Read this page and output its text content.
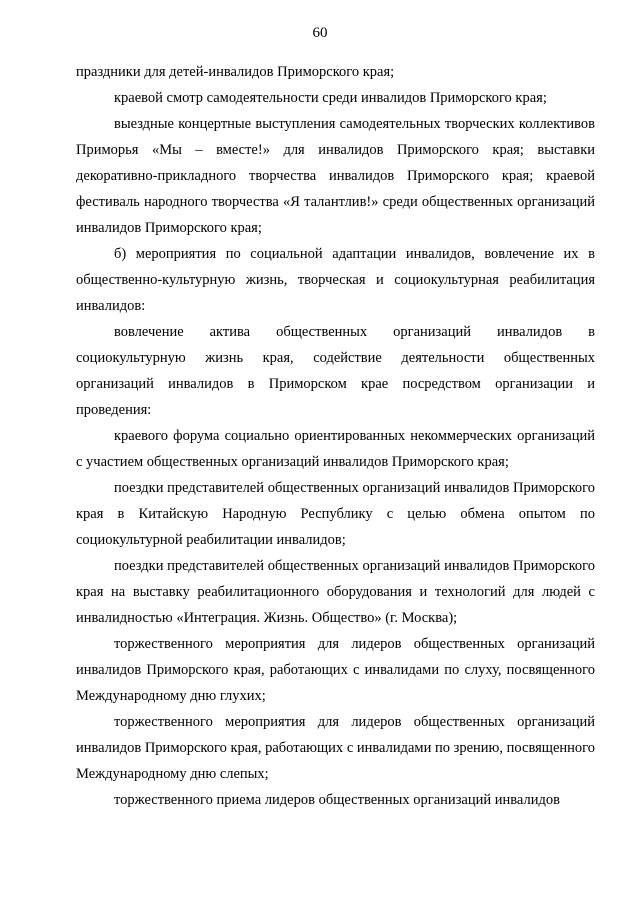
60

праздники для детей-инвалидов Приморского края;

краевой смотр самодеятельности среди инвалидов Приморского края;

выездные концертные выступления самодеятельных творческих коллективов Приморья «Мы – вместе!» для инвалидов Приморского края; выставки декоративно-прикладного творчества инвалидов Приморского края; краевой фестиваль народного творчества «Я талантлив!» среди общественных организаций инвалидов Приморского края;

б) мероприятия по социальной адаптации инвалидов, вовлечение их в общественно-культурную жизнь, творческая и социокультурная реабилитация инвалидов:

вовлечение актива общественных организаций инвалидов в социокультурную жизнь края, содействие деятельности общественных организаций инвалидов в Приморском крае посредством организации и проведения:

краевого форума социально ориентированных некоммерческих организаций с участием общественных организаций инвалидов Приморского края;

поездки представителей общественных организаций инвалидов Приморского края в Китайскую Народную Республику с целью обмена опытом по социокультурной реабилитации инвалидов;

поездки представителей общественных организаций инвалидов Приморского края на выставку реабилитационного оборудования и технологий для людей с инвалидностью «Интеграция. Жизнь. Общество» (г. Москва);

торжественного мероприятия для лидеров общественных организаций инвалидов Приморского края, работающих с инвалидами по слуху, посвященного Международному дню глухих;

торжественного мероприятия для лидеров общественных организаций инвалидов Приморского края, работающих с инвалидами по зрению, посвященного Международному дню слепых;

торжественного приема лидеров общественных организаций инвалидов
